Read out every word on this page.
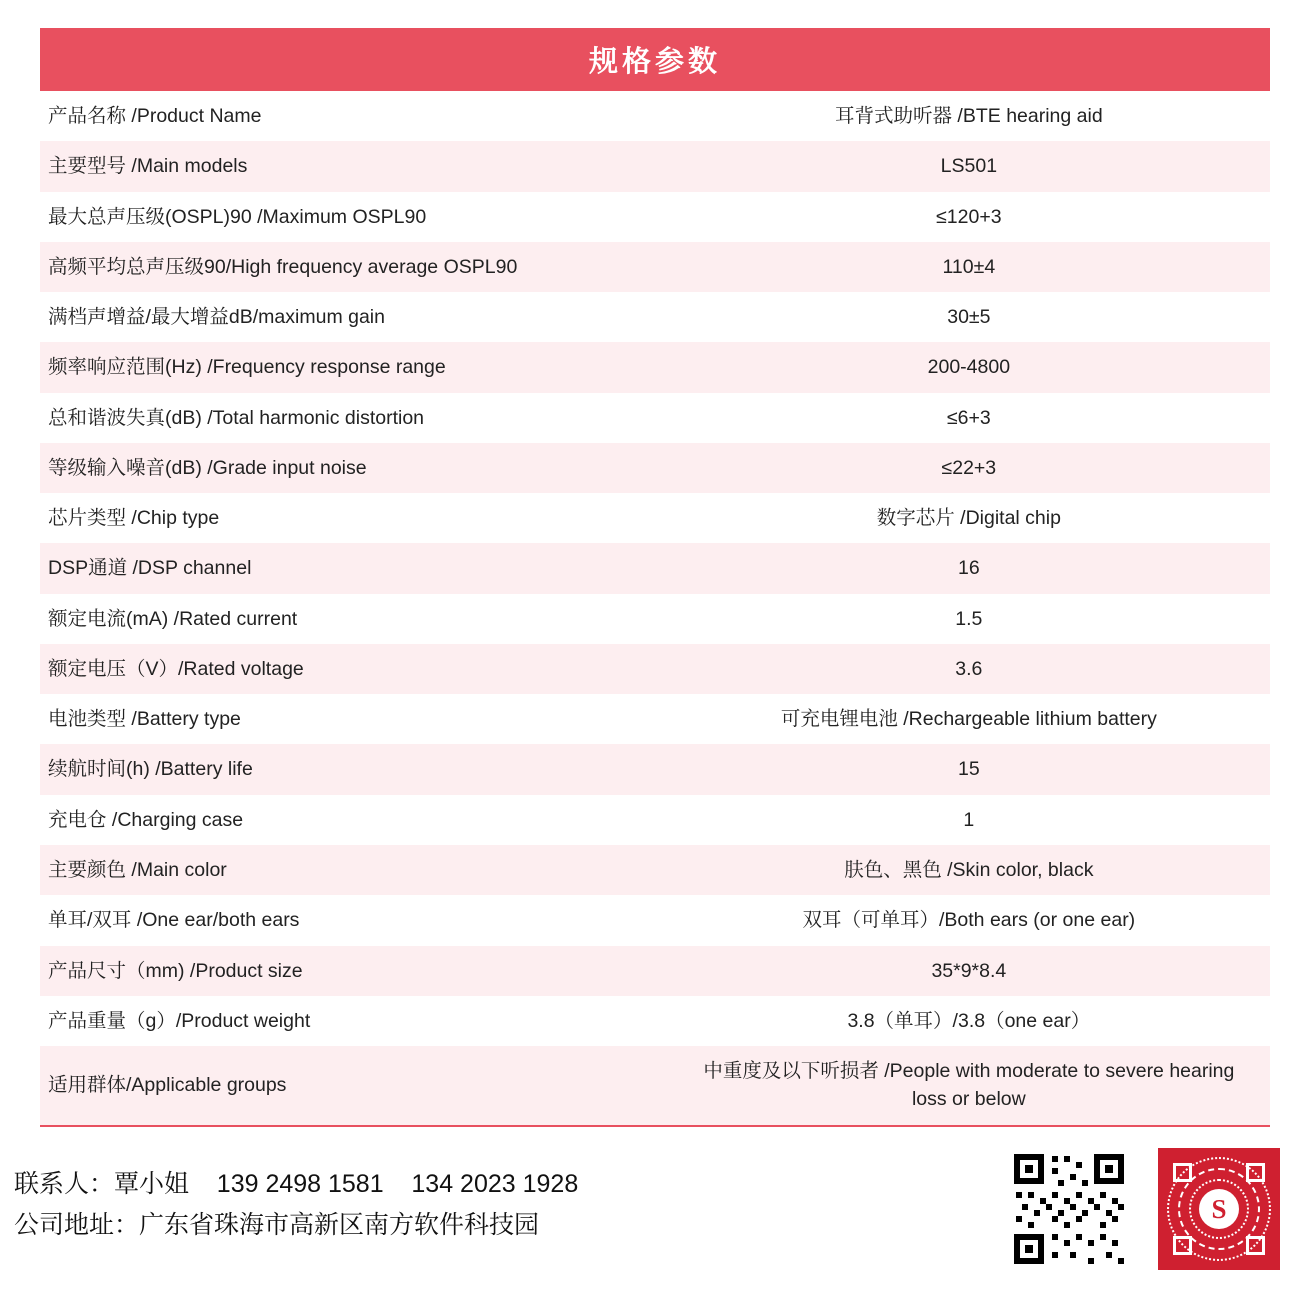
规格参数
产品名称 /Product Name	耳背式助听器 /BTE hearing aid
主要型号 /Main models	LS501
最大总声压级(OSPL)90 /Maximum OSPL90	≤120+3
高频平均总声压级90/High frequency average OSPL90	110±4
满档声增益/最大增益dB/maximum gain	30±5
频率响应范围(Hz) /Frequency response range	200-4800
总和谐波失真(dB) /Total harmonic distortion	≤6+3
等级输入噪音(dB) /Grade input noise	≤22+3
芯片类型 /Chip type	数字芯片 /Digital chip
DSP通道 /DSP channel	16
额定电流(mA) /Rated current	1.5
额定电压（V）/Rated voltage	3.6
电池类型 /Battery type	可充电锂电池 /Rechargeable lithium battery
续航时间(h) /Battery life	15
充电仓 /Charging case	1
主要颜色 /Main color	肤色、黑色 /Skin color, black
单耳/双耳 /One ear/both ears	双耳（可单耳）/Both ears (or one ear)
产品尺寸（mm) /Product size	35*9*8.4
产品重量（g）/Product weight	3.8（单耳）/3.8（one ear）
适用群体/Applicable groups	中重度及以下听损者 /People with moderate to severe hearing loss or below
联系人：覃小姐    139 2498 1581    134 2023 1928
公司地址：广东省珠海市高新区南方软件科技园
S
